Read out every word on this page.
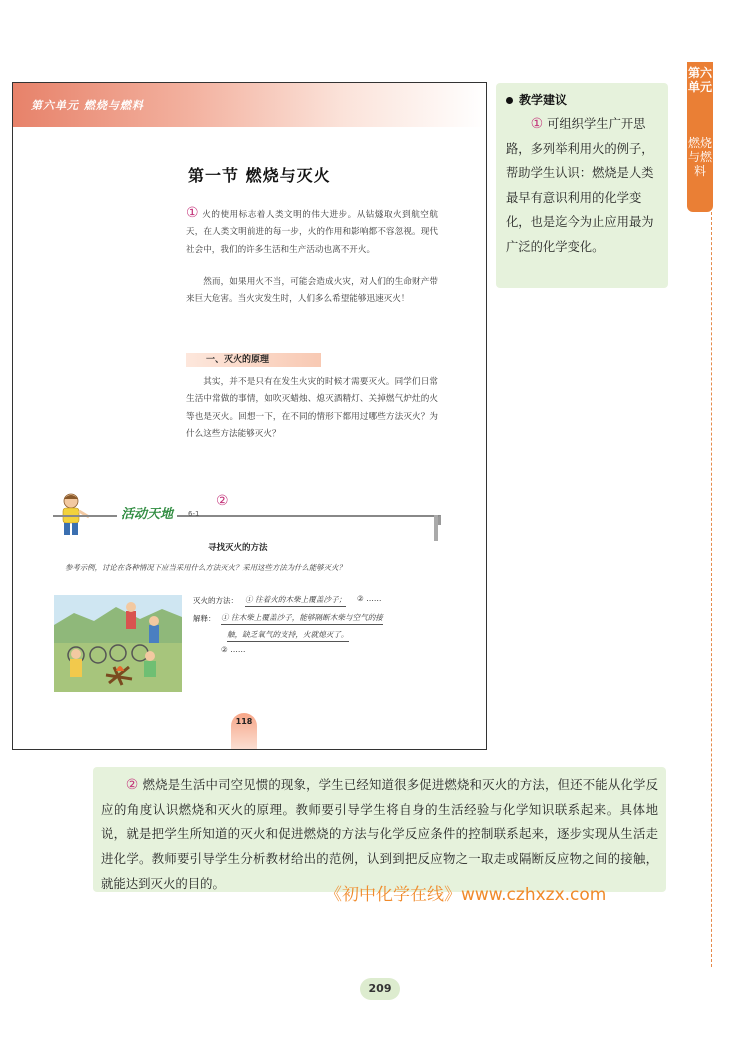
第六单元 燃烧与燃料
第一节 燃烧与灭火

① 火的使用标志着人类文明的伟大进步。从钻燧取火到航空航天，在人类文明前进的每一步，火的作用和影响都不容忽视。现代社会中，我们的许多生活和生产活动也离不开火。

然而，如果用火不当，可能会造成火灾，对人们的生命财产带来巨大危害。当火灾发生时，人们多么希望能够迅速灭火！

一、灭火的原理

其实，并不是只有在发生火灾的时候才需要灭火。同学们日常生活中常做的事情，如吹灭蜡烛、熄灭酒精灯、关掉燃气炉灶的火等也是灭火。回想一下，在不同的情形下都用过哪些方法灭火？为什么这些方法能够灭火？

活动天地	6-1
②
寻找灭火的方法

参考示例，讨论在各种情况下应当采用什么方法灭火？采用这些方法为什么能够灭火？

灭火的方法： ① 往着火的木柴上覆盖沙子； ② ……
解释： ① 往木柴上覆盖沙子，能够隔断木柴与空气的接
触，缺乏氧气的支持，火就熄灭了。
② ……
118

教学建议

① 可组织学生广开思路，多列举利用火的例子，帮助学生认识：燃烧是人类最早有意识利用的化学变化，也是迄今为止应用最为广泛的化学变化。

第六单元
燃烧与燃料

② 燃烧是生活中司空见惯的现象，学生已经知道很多促进燃烧和灭火的方法，但还不能从化学反应的角度认识燃烧和灭火的原理。教师要引导学生将自身的生活经验与化学知识联系起来。具体地说，就是把学生所知道的灭火和促进燃烧的方法与化学反应条件的控制联系起来，逐步实现从生活走进化学。教师要引导学生分析教材给出的范例，认到到把反应物之一取走或隔断反应物之间的接触，就能达到灭火的目的。

《初中化学在线》www.czhxzx.com
209
